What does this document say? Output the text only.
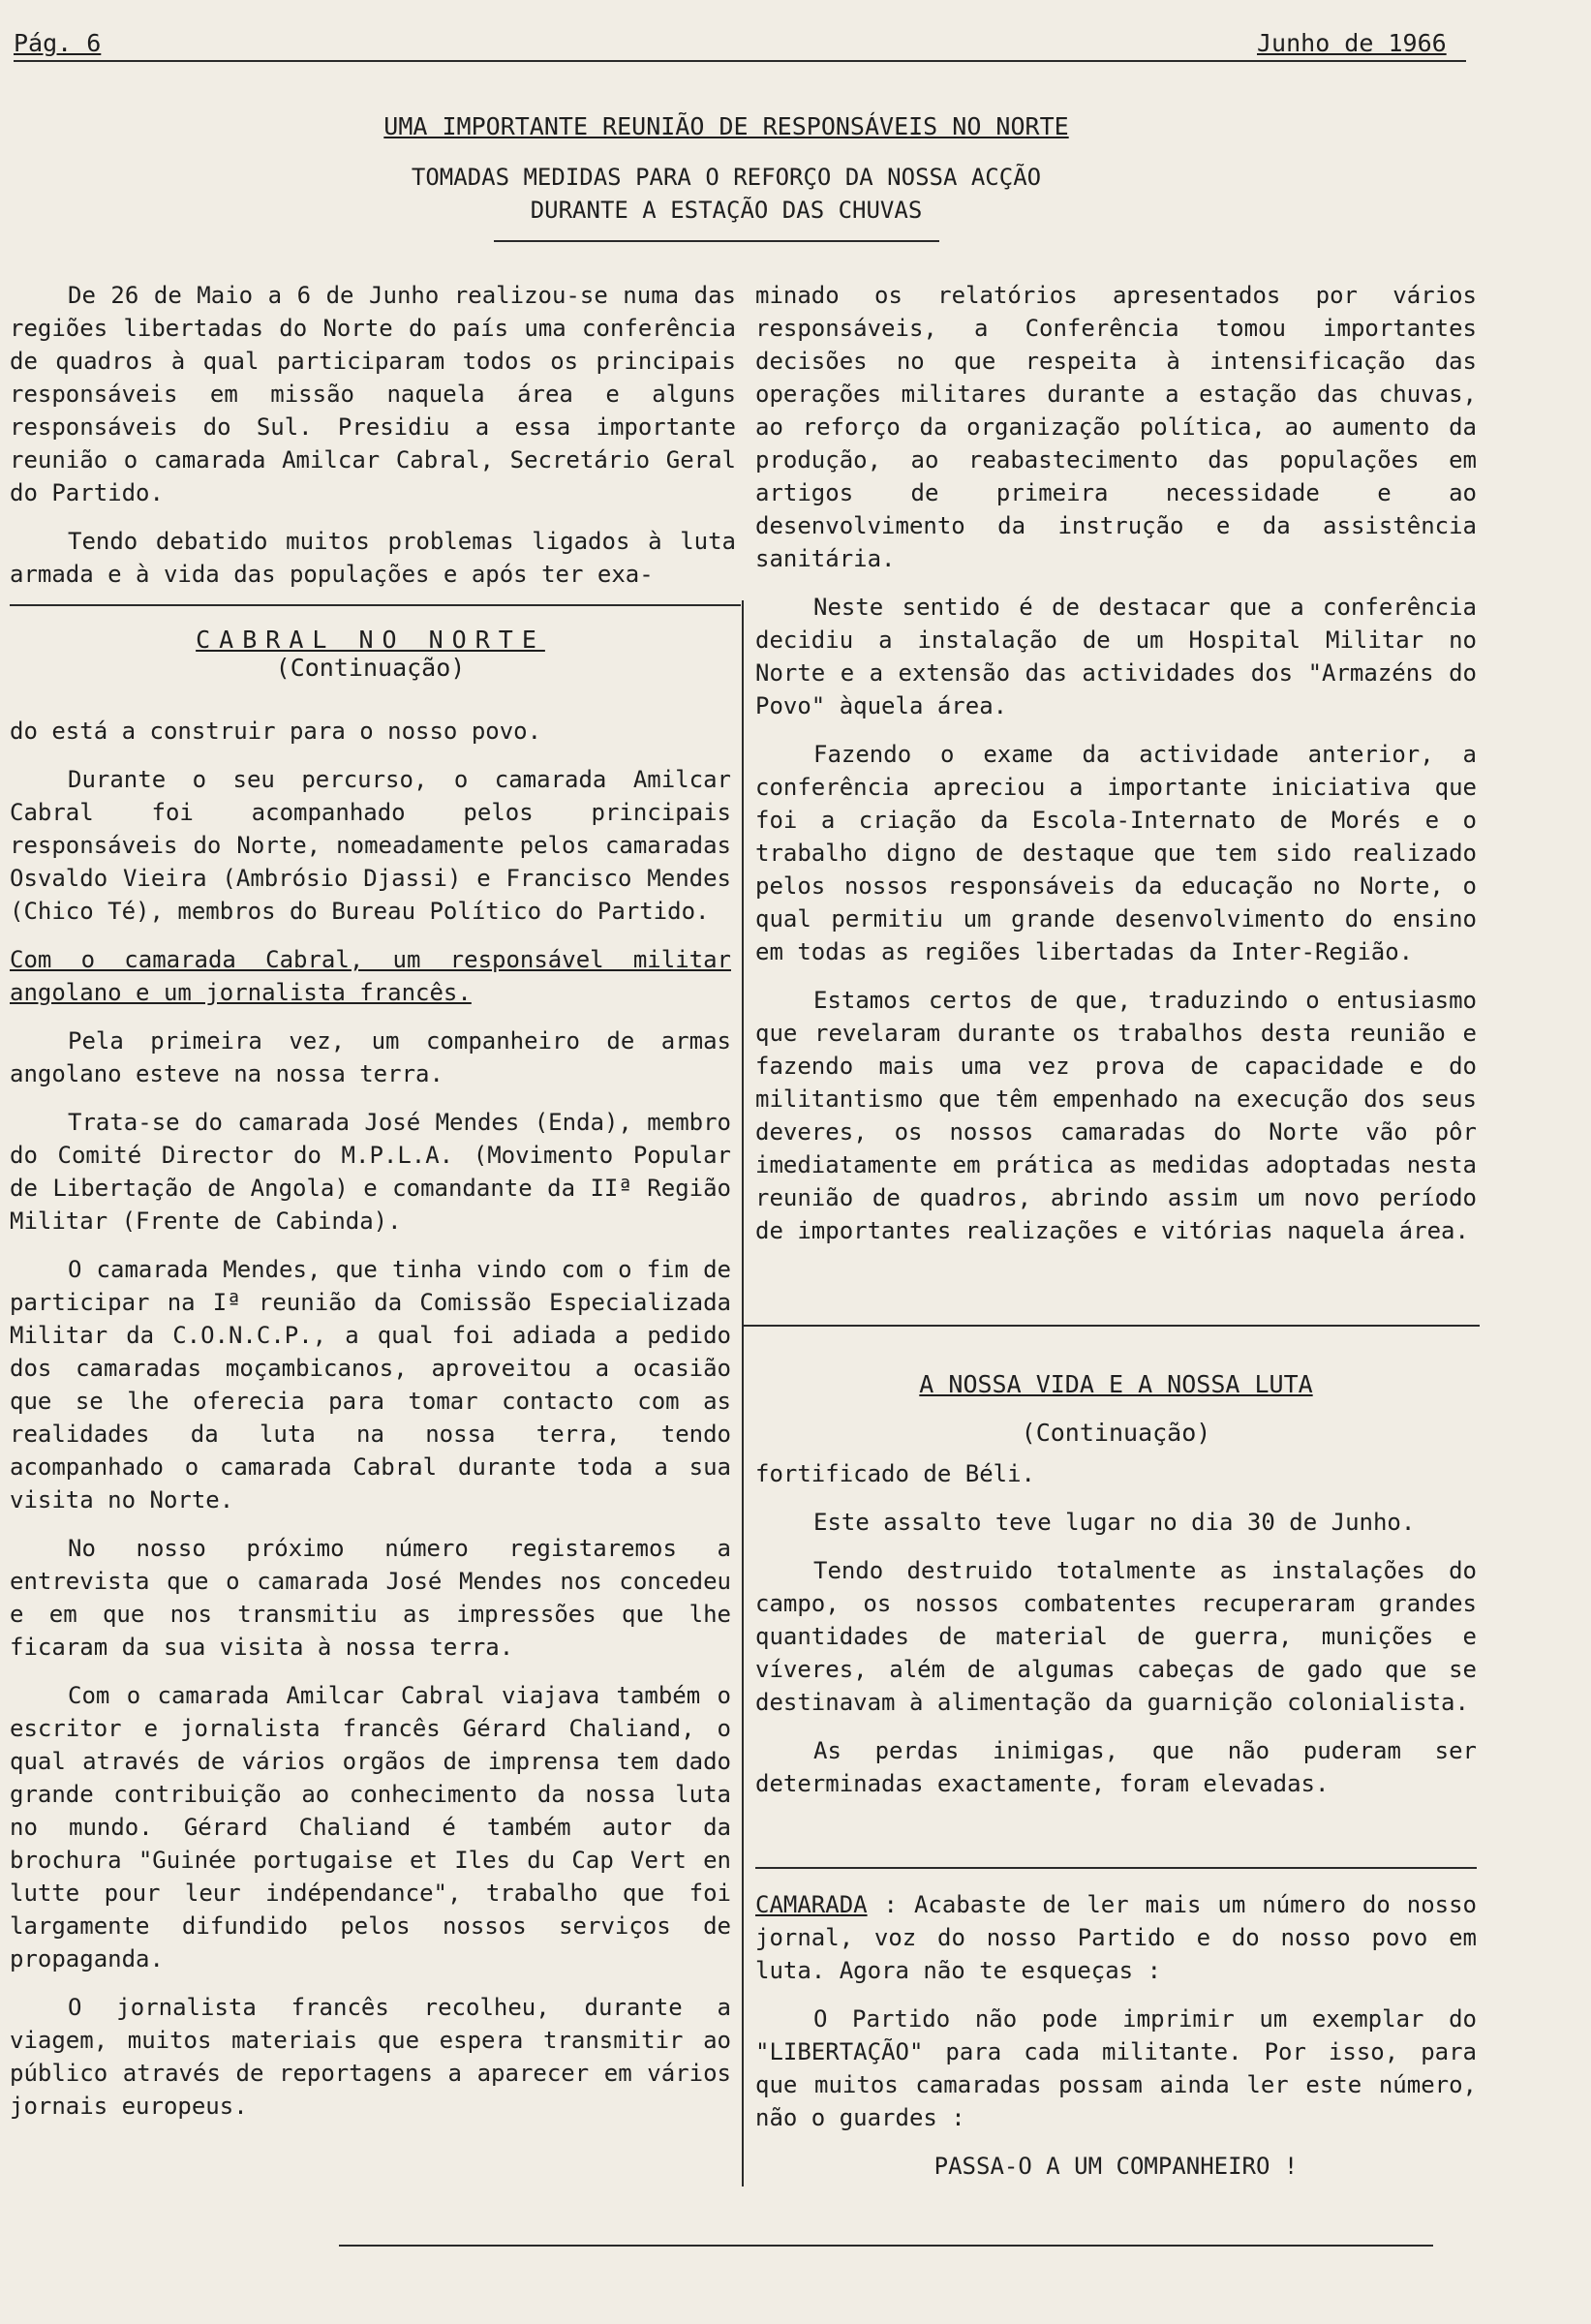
Pág. 6	Junho de 1966
UMA IMPORTANTE REUNIÃO DE RESPONSÁVEIS NO NORTE
TOMADAS MEDIDAS PARA O REFORÇO DA NOSSA ACÇÃO
DURANTE A ESTAÇÃO DAS CHUVAS

De 26 de Maio a 6 de Junho realizou-se numa das regiões libertadas do Norte do país uma conferência de quadros à qual participaram todos os principais responsáveis em missão naquela área e alguns responsáveis do Sul. Presidiu a essa importante reunião o camarada Amilcar Cabral, Secretário Geral do Partido.

Tendo debatido muitos problemas ligados à luta armada e à vida das populações e após ter exa-

minado os relatórios apresentados por vários responsáveis, a Conferência tomou importantes decisões no que respeita à intensificação das operações militares durante a estação das chuvas, ao reforço da organização política, ao aumento da produção, ao reabastecimento das populações em artigos de primeira necessidade e ao desenvolvimento da instrução e da assistência sanitária.

Neste sentido é de destacar que a conferência decidiu a instalação de um Hospital Militar no Norte e a extensão das actividades dos "Armazéns do Povo" àquela área.

Fazendo o exame da actividade anterior, a conferência apreciou a importante iniciativa que foi a criação da Escola-Internato de Morés e o trabalho digno de destaque que tem sido realizado pelos nossos responsáveis da educação no Norte, o qual permitiu um grande desenvolvimento do ensino em todas as regiões libertadas da Inter-Região.

Estamos certos de que, traduzindo o entusiasmo que revelaram durante os trabalhos desta reunião e fazendo mais uma vez prova de capacidade e do militantismo que têm empenhado na execução dos seus deveres, os nossos camaradas do Norte vão pôr imediatamente em prática as medidas adoptadas nesta reunião de quadros, abrindo assim um novo período de importantes realizações e vitórias naquela área.

CABRAL NO NORTE
(Continuação)

do está a construir para o nosso povo.

Durante o seu percurso, o camarada Amilcar Cabral foi acompanhado pelos principais responsáveis do Norte, nomeadamente pelos camaradas Osvaldo Vieira (Ambrósio Djassi) e Francisco Mendes (Chico Té), membros do Bureau Político do Partido.

Com o camarada Cabral, um responsável militar angolano e um jornalista francês.

Pela primeira vez, um companheiro de armas angolano esteve na nossa terra.

Trata-se do camarada José Mendes (Enda), membro do Comité Director do M.P.L.A. (Movimento Popular de Libertação de Angola) e comandante da IIª Região Militar (Frente de Cabinda).

O camarada Mendes, que tinha vindo com o fim de participar na Iª reunião da Comissão Especializada Militar da C.O.N.C.P., a qual foi adiada a pedido dos camaradas moçambicanos, aproveitou a ocasião que se lhe oferecia para tomar contacto com as realidades da luta na nossa terra, tendo acompanhado o camarada Cabral durante toda a sua visita no Norte.

No nosso próximo número registaremos a entrevista que o camarada José Mendes nos concedeu e em que nos transmitiu as impressões que lhe ficaram da sua visita à nossa terra.

Com o camarada Amilcar Cabral viajava também o escritor e jornalista francês Gérard Chaliand, o qual através de vários orgãos de imprensa tem dado grande contribuição ao conhecimento da nossa luta no mundo. Gérard Chaliand é também autor da brochura "Guinée portugaise et Iles du Cap Vert en lutte pour leur indépendance", trabalho que foi largamente difundido pelos nossos serviços de propaganda.

O jornalista francês recolheu, durante a viagem, muitos materiais que espera transmitir ao público através de reportagens a aparecer em vários jornais europeus.

A NOSSA VIDA E A NOSSA LUTA
(Continuação)

fortificado de Béli.

Este assalto teve lugar no dia 30 de Junho.

Tendo destruido totalmente as instalações do campo, os nossos combatentes recuperaram grandes quantidades de material de guerra, munições e víveres, além de algumas cabeças de gado que se destinavam à alimentação da guarnição colonialista.

As perdas inimigas, que não puderam ser determinadas exactamente, foram elevadas.

CAMARADA : Acabaste de ler mais um número do nosso jornal, voz do nosso Partido e do nosso povo em luta. Agora não te esqueças :

O Partido não pode imprimir um exemplar do "LIBERTAÇÃO" para cada militante. Por isso, para que muitos camaradas possam ainda ler este número, não o guardes :

PASSA-O A UM COMPANHEIRO !
